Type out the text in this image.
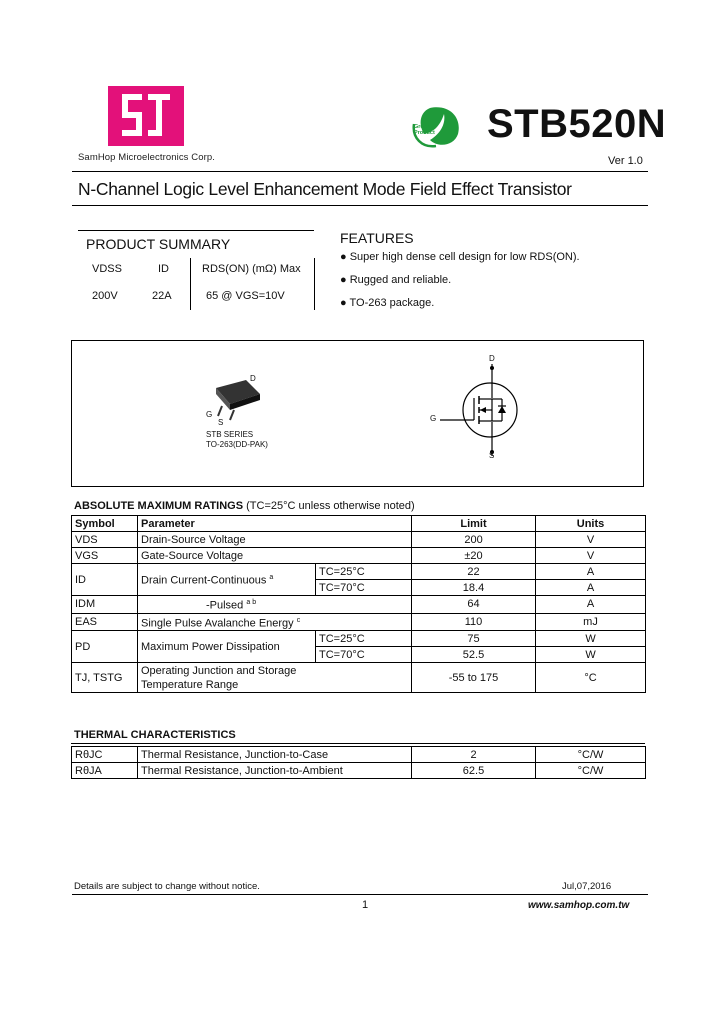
SH
SamHop Microelectronics Corp.
Green Product STB520N
Ver 1.0
N-Channel Logic Level Enhancement Mode Field Effect Transistor
PRODUCT SUMMARY
VDSS	ID	RDS(ON) (mΩ) Max
200V	22A	65 @ VGS=10V
FEATURES
● Super high dense cell design for low RDS(ON).
● Rugged and reliable.
● TO-263 package.
D
G
S
STB SERIES
TO-263(DD-PAK)
D
G
S
ABSOLUTE MAXIMUM RATINGS (TC=25°C unless otherwise noted)
Symbol	Parameter		Limit	Units
VDS	Drain-Source Voltage		200	V
VGS	Gate-Source Voltage		±20	V
ID	Drain Current-Continuous $^a$	TC=25°C	22	A
		TC=70°C	18.4	A
IDM	-Pulsed $^{a b}$		64	A
EAS	Single Pulse Avalanche Energy $^c$		110	mJ
PD	Maximum Power Dissipation	TC=25°C	75	W
		TC=70°C	52.5	W
TJ, TSTG	Operating Junction and Storage
Temperature Range		-55 to 175	°C
THERMAL CHARACTERISTICS
RθJC	Thermal Resistance, Junction-to-Case	2	°C/W
RθJA	Thermal Resistance, Junction-to-Ambient	62.5	°C/W
Details are subject to change without notice.	Jul,07,2016
1	www.samhop.com.tw
